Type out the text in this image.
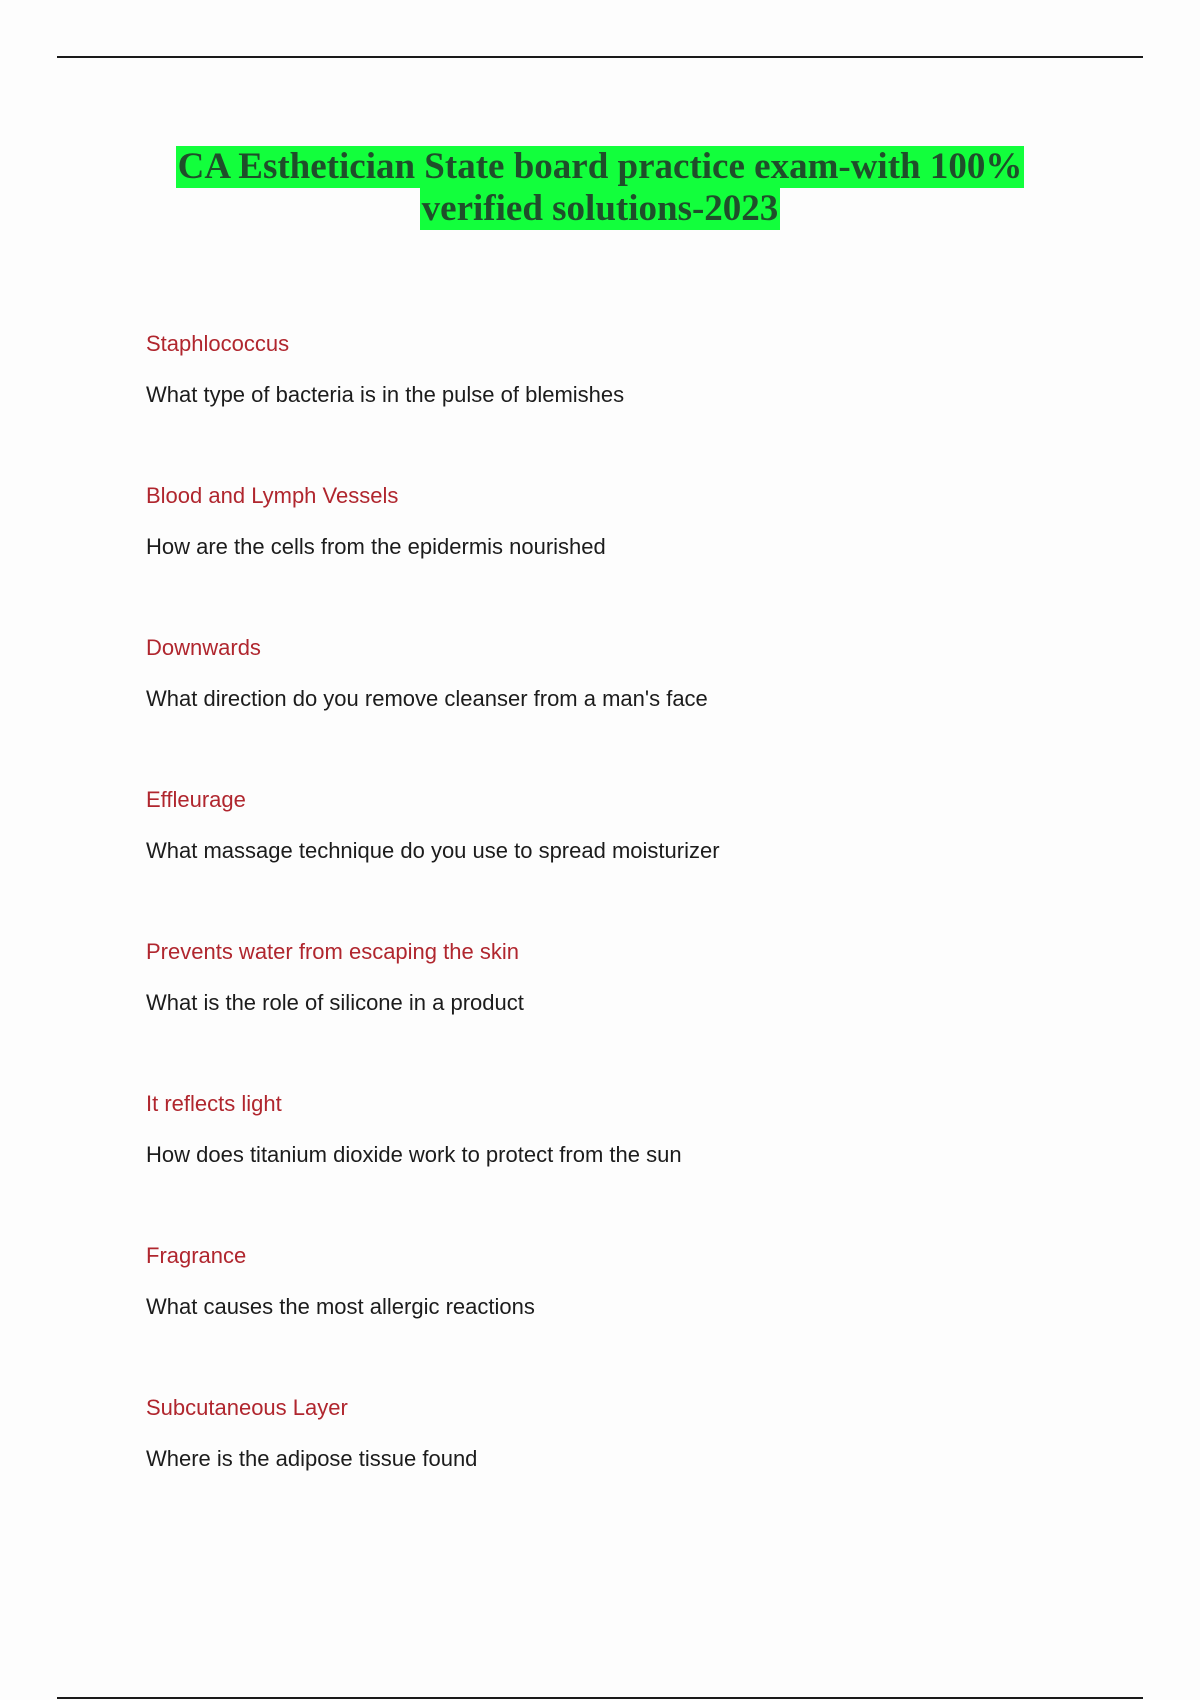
CA Esthetician State board practice exam-with 100%
verified solutions-2023
Staphlococcus
What type of bacteria is in the pulse of blemishes
Blood and Lymph Vessels
How are the cells from the epidermis nourished
Downwards
What direction do you remove cleanser from a man's face
Effleurage
What massage technique do you use to spread moisturizer
Prevents water from escaping the skin
What is the role of silicone in a product
It reflects light
How does titanium dioxide work to protect from the sun
Fragrance
What causes the most allergic reactions
Subcutaneous Layer
Where is the adipose tissue found
